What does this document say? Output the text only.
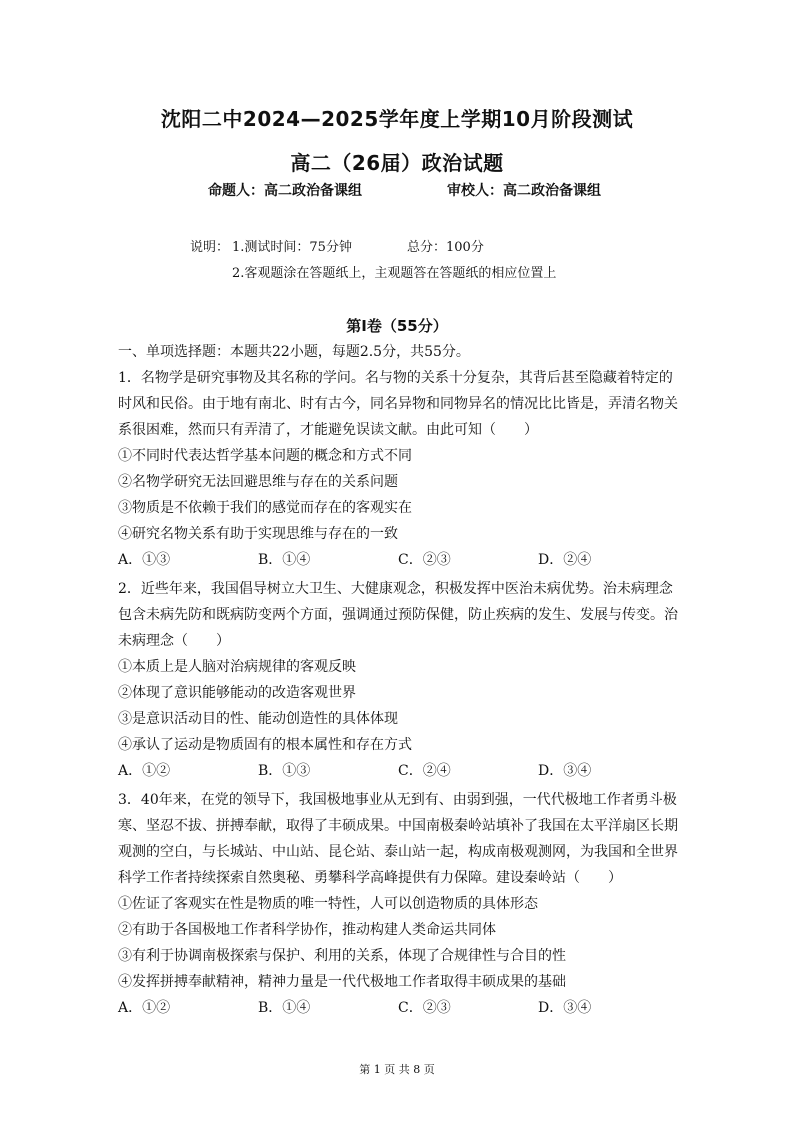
沈阳二中2024—2025学年度上学期10月阶段测试
高二（26届）政治试题
命题人：高二政治备课组	审校人：高二政治备课组
说明： 1.测试时间：75分钟	总分：100分
2.客观题涂在答题纸上，主观题答在答题纸的相应位置上
第Ⅰ卷（55分）
一、单项选择题：本题共22小题，每题2.5分，共55分。
1．名物学是研究事物及其名称的学问。名与物的关系十分复杂，其背后甚至隐藏着特定的
时风和民俗。由于地有南北、时有古今，同名异物和同物异名的情况比比皆是，弄清名物关
系很困难，然而只有弄清了，才能避免误读文献。由此可知（　　）
①不同时代表达哲学基本问题的概念和方式不同
②名物学研究无法回避思维与存在的关系问题
③物质是不依赖于我们的感觉而存在的客观实在
④研究名物关系有助于实现思维与存在的一致
A．①③	B．①④	C．②③	D．②④
2．近些年来，我国倡导树立大卫生、大健康观念，积极发挥中医治未病优势。治未病理念
包含未病先防和既病防变两个方面，强调通过预防保健，防止疾病的发生、发展与传变。治
未病理念（　　）
①本质上是人脑对治病规律的客观反映
②体现了意识能够能动的改造客观世界
③是意识活动目的性、能动创造性的具体体现
④承认了运动是物质固有的根本属性和存在方式
A．①②	B．①③	C．②④	D．③④
3．40年来，在党的领导下，我国极地事业从无到有、由弱到强，一代代极地工作者勇斗极
寒、坚忍不拔、拼搏奉献，取得了丰硕成果。中国南极秦岭站填补了我国在太平洋扇区长期
观测的空白，与长城站、中山站、昆仑站、泰山站一起，构成南极观测网，为我国和全世界
科学工作者持续探索自然奥秘、勇攀科学高峰提供有力保障。建设秦岭站（　　）
①佐证了客观实在性是物质的唯一特性，人可以创造物质的具体形态
②有助于各国极地工作者科学协作，推动构建人类命运共同体
③有利于协调南极探索与保护、利用的关系，体现了合规律性与合目的性
④发挥拼搏奉献精神，精神力量是一代代极地工作者取得丰硕成果的基础
A．①②	B．①④	C．②③	D．③④
第 1 页 共 8 页
